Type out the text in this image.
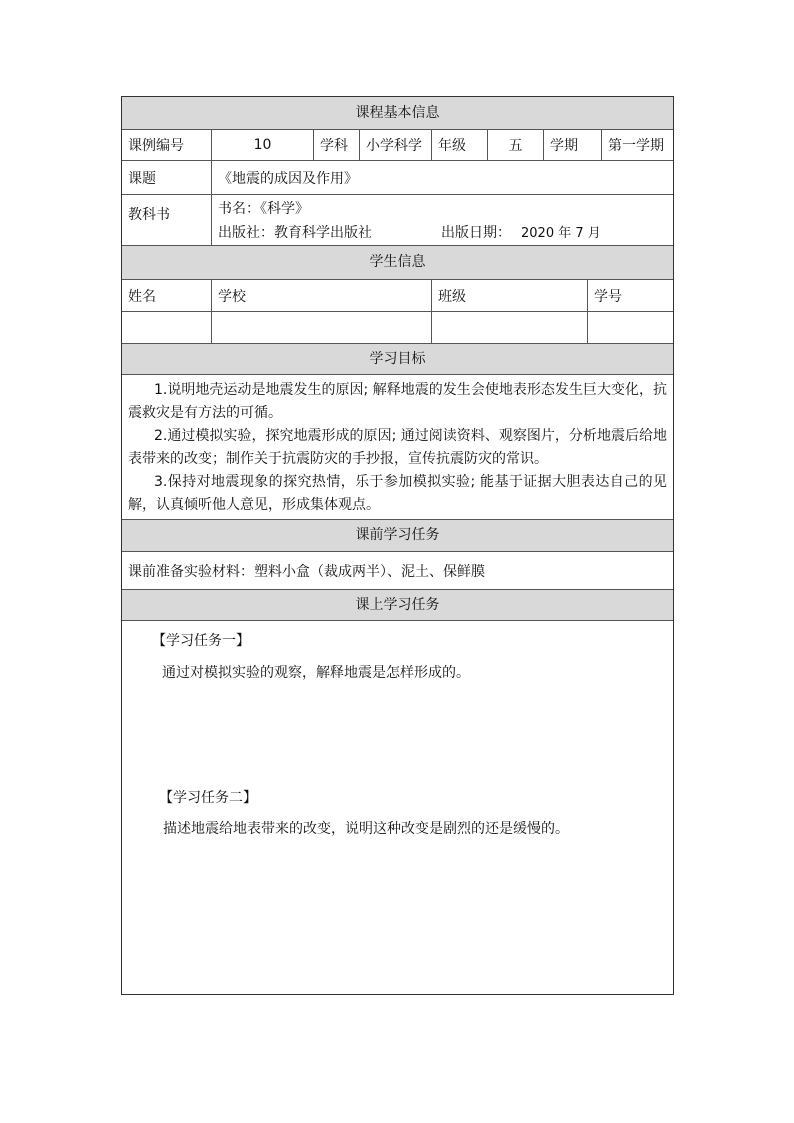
课程基本信息
课例编号	10	学科	小学科学	年级	五	学期	第一学期
课题	《地震的成因及作用》
教科书	书名：《科学》
出版社：教育科学出版社	出版日期： 2020 年 7 月
学生信息
姓名	学校	班级	学号
学习目标

1.说明地壳运动是地震发生的原因; 解释地震的发生会使地表形态发生巨大变化，抗震救灾是有方法的可循。

2.通过模拟实验，探究地震形成的原因; 通过阅读资料、观察图片，分析地震后给地表带来的改变；制作关于抗震防灾的手抄报，宣传抗震防灾的常识。

3.保持对地震现象的探究热情，乐于参加模拟实验; 能基于证据大胆表达自己的见解，认真倾听他人意见，形成集体观点。

课前学习任务
课前准备实验材料：塑料小盒（裁成两半）、泥土、保鲜膜
课上学习任务
【学习任务一】
通过对模拟实验的观察，解释地震是怎样形成的。
【学习任务二】
描述地震给地表带来的改变，说明这种改变是剧烈的还是缓慢的。
